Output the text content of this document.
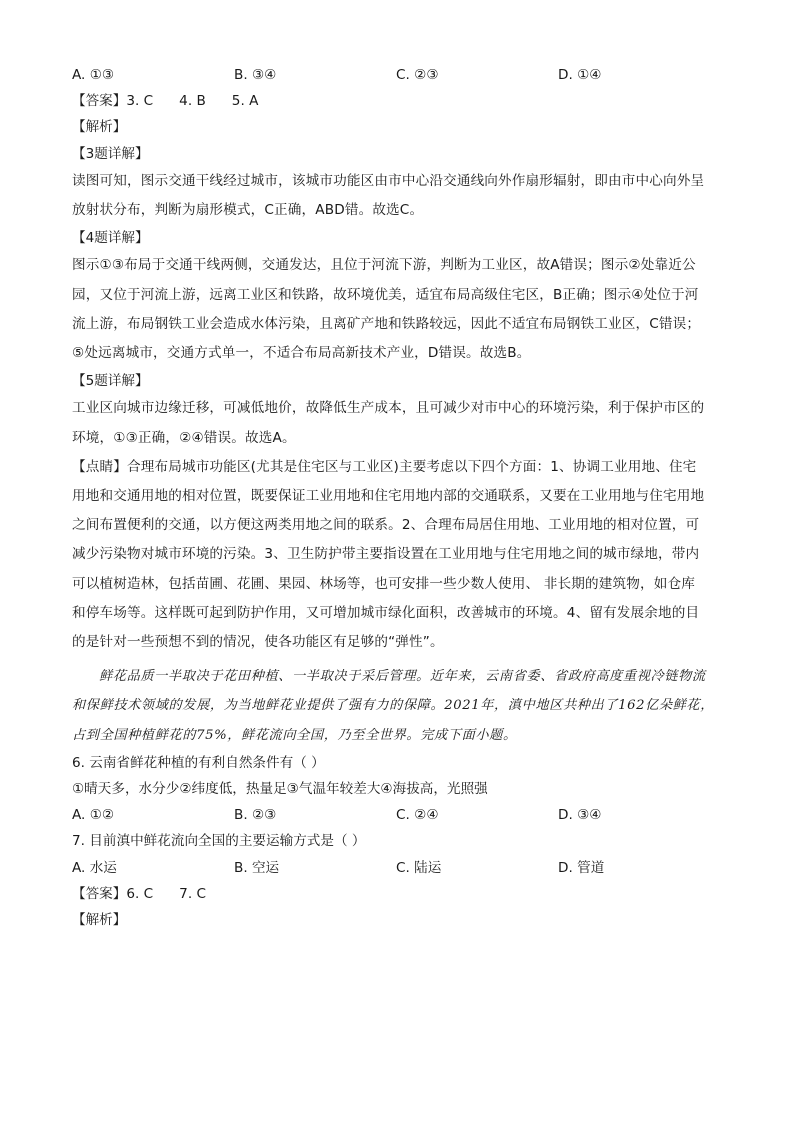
A. ①③	B. ③④	C. ②③	D. ①④
【答案】3. C 4. B 5. A
【解析】
【3题详解】
读图可知，图示交通干线经过城市，该城市功能区由市中心沿交通线向外作扇形辐射，即由市中心向外呈
放射状分布，判断为扇形模式，C正确，ABD错。故选C。
【4题详解】
图示①③布局于交通干线两侧，交通发达，且位于河流下游，判断为工业区，故A错误；图示②处靠近公
园，又位于河流上游，远离工业区和铁路，故环境优美，适宜布局高级住宅区，B正确；图示④处位于河
流上游，布局钢铁工业会造成水体污染，且离矿产地和铁路较远，因此不适宜布局钢铁工业区，C错误；
⑤处远离城市，交通方式单一，不适合布局高新技术产业，D错误。故选B。
【5题详解】
工业区向城市边缘迁移，可减低地价，故降低生产成本，且可减少对市中心的环境污染，利于保护市区的
环境，①③正确，②④错误。故选A。
【点睛】合理布局城市功能区(尤其是住宅区与工业区)主要考虑以下四个方面：1、协调工业用地、住宅
用地和交通用地的相对位置，既要保证工业用地和住宅用地内部的交通联系，又要在工业用地与住宅用地
之间布置便利的交通，以方便这两类用地之间的联系。2、合理布局居住用地、工业用地的相对位置，可
减少污染物对城市环境的污染。3、卫生防护带主要指设置在工业用地与住宅用地之间的城市绿地，带内
可以植树造林，包括苗圃、花圃、果园、林场等，也可安排一些少数人使用、 非长期的建筑物，如仓库
和停车场等。这样既可起到防护作用，又可增加城市绿化面积，改善城市的环境。4、留有发展余地的目
的是针对一些预想不到的情况，使各功能区有足够的“弹性”。
鲜花品质一半取决于花田种植、一半取决于采后管理。近年来，云南省委、省政府高度重视冷链物流
和保鲜技术领域的发展，为当地鲜花业提供了强有力的保障。2021年，滇中地区共种出了162亿朵鲜花，
占到全国种植鲜花的75%，鲜花流向全国，乃至全世界。完成下面小题。
6. 云南省鲜花种植的有利自然条件有（ ）
①晴天多，水分少②纬度低，热量足③气温年较差大④海拔高，光照强
A. ①②	B. ②③	C. ②④	D. ③④
7. 目前滇中鲜花流向全国的主要运输方式是（ ）
A. 水运	B. 空运	C. 陆运	D. 管道
【答案】6. C 7. C
【解析】
